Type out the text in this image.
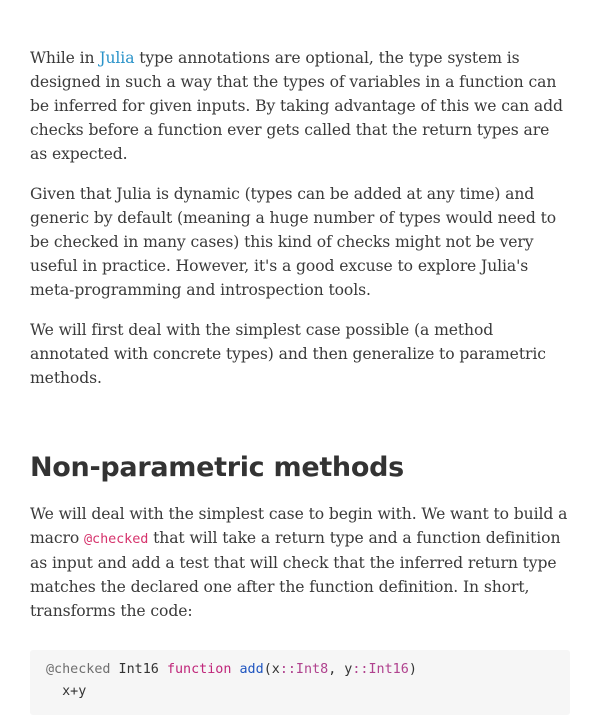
While in Julia type annotations are optional, the type system is designed in such a way that the types of variables in a function can be inferred for given inputs. By taking advantage of this we can add checks before a function ever gets called that the return types are as expected.

Given that Julia is dynamic (types can be added at any time) and generic by default (meaning a huge number of types would need to be checked in many cases) this kind of checks might not be very useful in practice. However, it's a good excuse to explore Julia's meta-programming and introspection tools.

We will first deal with the simplest case possible (a method annotated with concrete types) and then generalize to parametric methods.

Non-parametric methods

We will deal with the simplest case to begin with. We want to build a macro @checked that will take a return type and a function definition as input and add a test that will check that the inferred return type matches the declared one after the function definition. In short, transforms the code:

@checked Int16 function add(x::Int8, y::Int16)
x+y
